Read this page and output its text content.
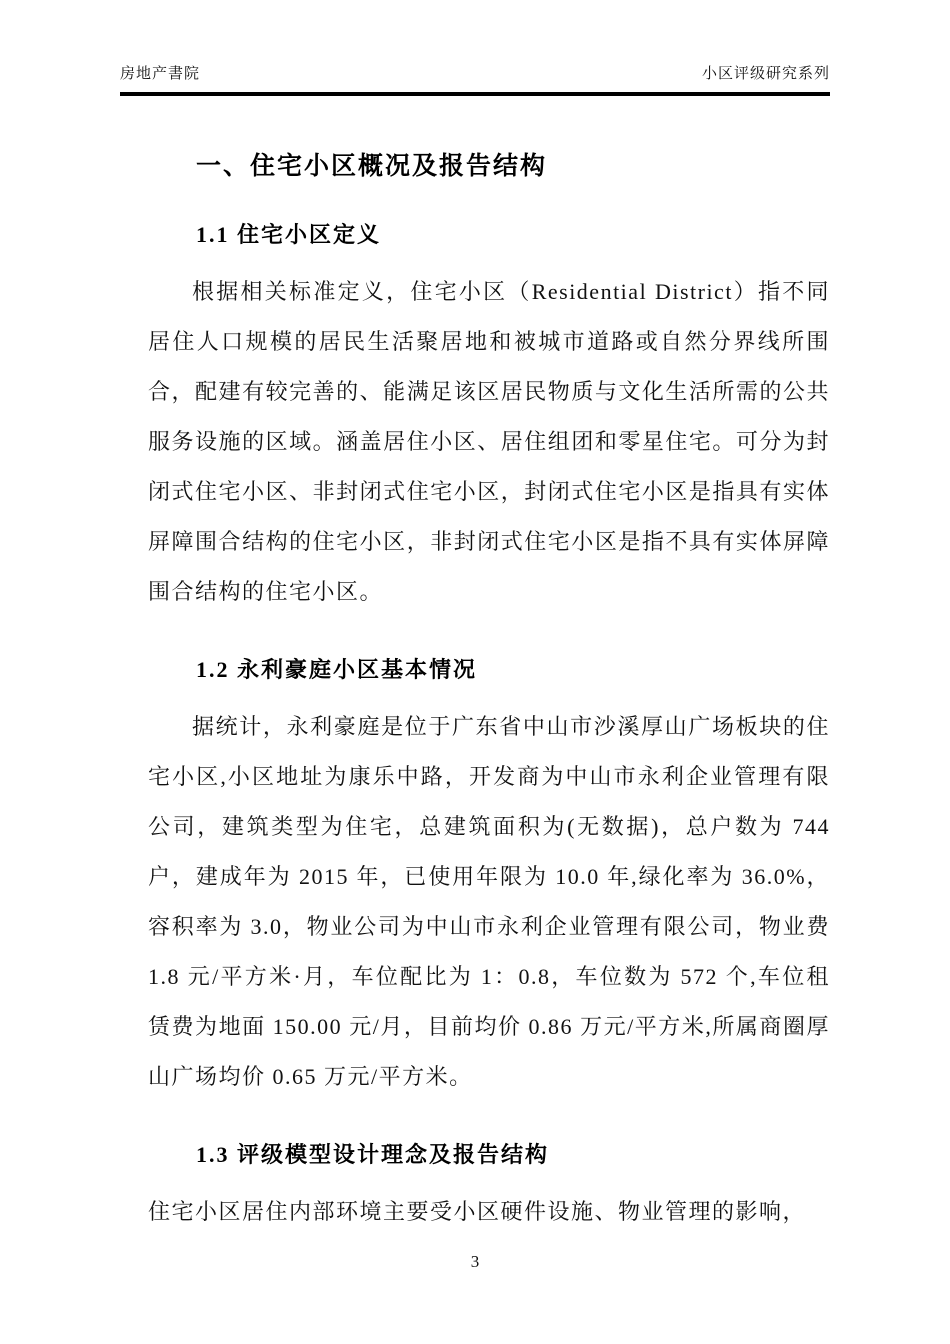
房地产書院	小区评级研究系列
一、住宅小区概况及报告结构
1.1 住宅小区定义

根据相关标准定义，住宅小区（Residential District）指不同居住人口规模的居民生活聚居地和被城市道路或自然分界线所围合，配建有较完善的、能满足该区居民物质与文化生活所需的公共服务设施的区域。涵盖居住小区、居住组团和零星住宅。可分为封闭式住宅小区、非封闭式住宅小区，封闭式住宅小区是指具有实体屏障围合结构的住宅小区，非封闭式住宅小区是指不具有实体屏障围合结构的住宅小区。

1.2 永利豪庭小区基本情况

据统计，永利豪庭是位于广东省中山市沙溪厚山广场板块的住宅小区,小区地址为康乐中路，开发商为中山市永利企业管理有限公司，建筑类型为住宅，总建筑面积为(无数据)，总户数为 744 户，建成年为 2015 年，已使用年限为 10.0 年,绿化率为 36.0%，容积率为 3.0，物业公司为中山市永利企业管理有限公司，物业费 1.8 元/平方米·月，车位配比为 1：0.8，车位数为 572 个,车位租赁费为地面 150.00 元/月，目前均价 0.86 万元/平方米,所属商圈厚山广场均价 0.65 万元/平方米。

1.3 评级模型设计理念及报告结构

住宅小区居住内部环境主要受小区硬件设施、物业管理的影响，

3
